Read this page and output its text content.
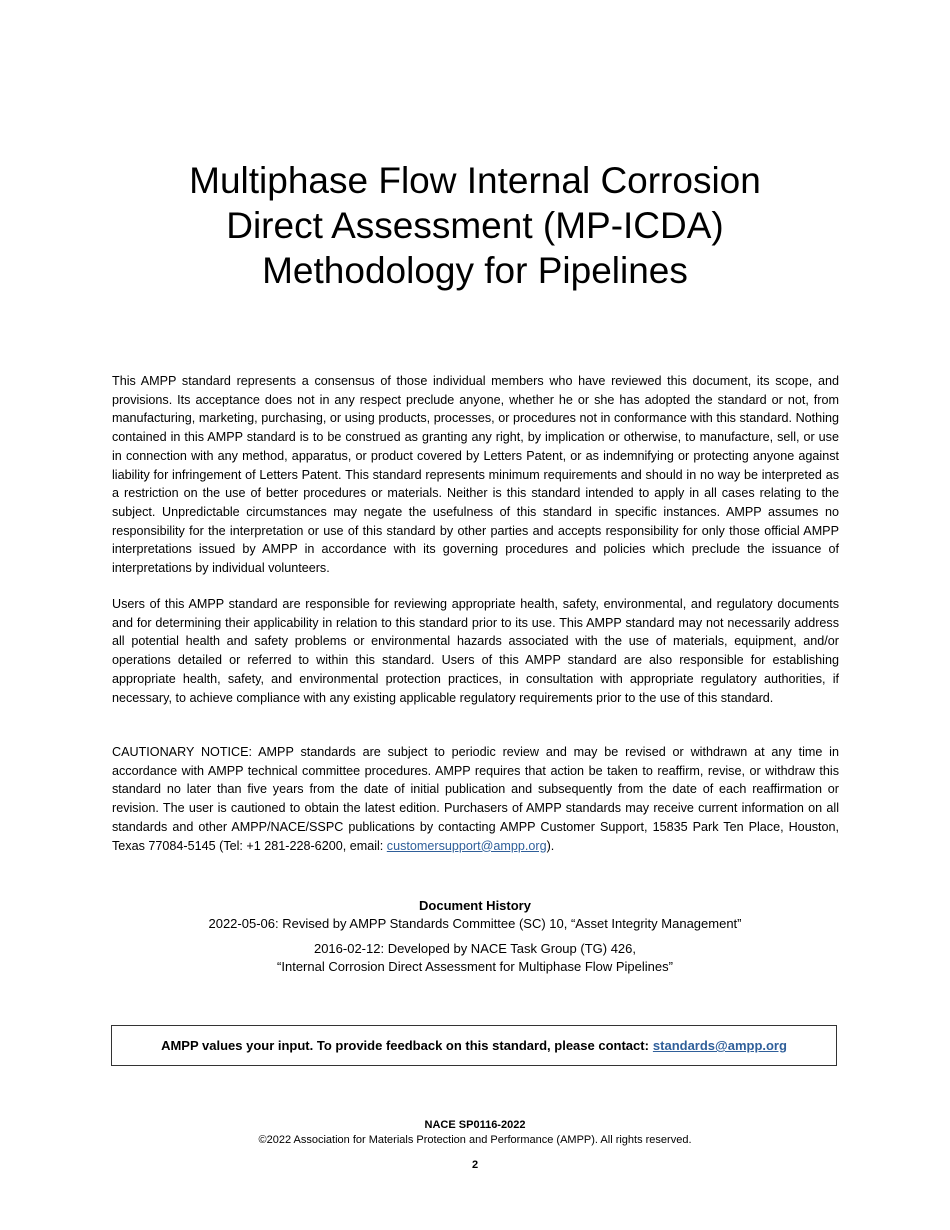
Multiphase Flow Internal Corrosion
Direct Assessment (MP-ICDA)
Methodology for Pipelines

This AMPP standard represents a consensus of those individual members who have reviewed this document, its scope, and provisions. Its acceptance does not in any respect preclude anyone, whether he or she has adopted the standard or not, from manufacturing, marketing, purchasing, or using products, processes, or procedures not in conformance with this standard. Nothing contained in this AMPP standard is to be construed as granting any right, by implication or otherwise, to manufacture, sell, or use in connection with any method, apparatus, or product covered by Letters Patent, or as indemnifying or protecting anyone against liability for infringement of Letters Patent. This standard represents minimum requirements and should in no way be interpreted as a restriction on the use of better procedures or materials. Neither is this standard intended to apply in all cases relating to the subject. Unpredictable circumstances may negate the usefulness of this standard in specific instances. AMPP assumes no responsibility for the interpretation or use of this standard by other parties and accepts responsibility for only those official AMPP interpretations issued by AMPP in accordance with its governing procedures and policies which preclude the issuance of interpretations by individual volunteers.

Users of this AMPP standard are responsible for reviewing appropriate health, safety, environmental, and regulatory documents and for determining their applicability in relation to this standard prior to its use. This AMPP standard may not necessarily address all potential health and safety problems or environmental hazards associated with the use of materials, equipment, and/or operations detailed or referred to within this standard. Users of this AMPP standard are also responsible for establishing appropriate health, safety, and environmental protection practices, in consultation with appropriate regulatory authorities, if necessary, to achieve compliance with any existing applicable regulatory requirements prior to the use of this standard.

CAUTIONARY NOTICE: AMPP standards are subject to periodic review and may be revised or withdrawn at any time in accordance with AMPP technical committee procedures. AMPP requires that action be taken to reaffirm, revise, or withdraw this standard no later than five years from the date of initial publication and subsequently from the date of each reaffirmation or revision. The user is cautioned to obtain the latest edition. Purchasers of AMPP standards may receive current information on all standards and other AMPP/NACE/SSPC publications by contacting AMPP Customer Support, 15835 Park Ten Place, Houston, Texas 77084-5145 (Tel: +1 281-228-6200, email: customersupport@ampp.org).

Document History
2022-05-06: Revised by AMPP Standards Committee (SC) 10, “Asset Integrity Management”
2016-02-12: Developed by NACE Task Group (TG) 426,
“Internal Corrosion Direct Assessment for Multiphase Flow Pipelines”
AMPP values your input. To provide feedback on this standard, please contact: standards@ampp.org
NACE SP0116-2022
©2022 Association for Materials Protection and Performance (AMPP). All rights reserved.
2
